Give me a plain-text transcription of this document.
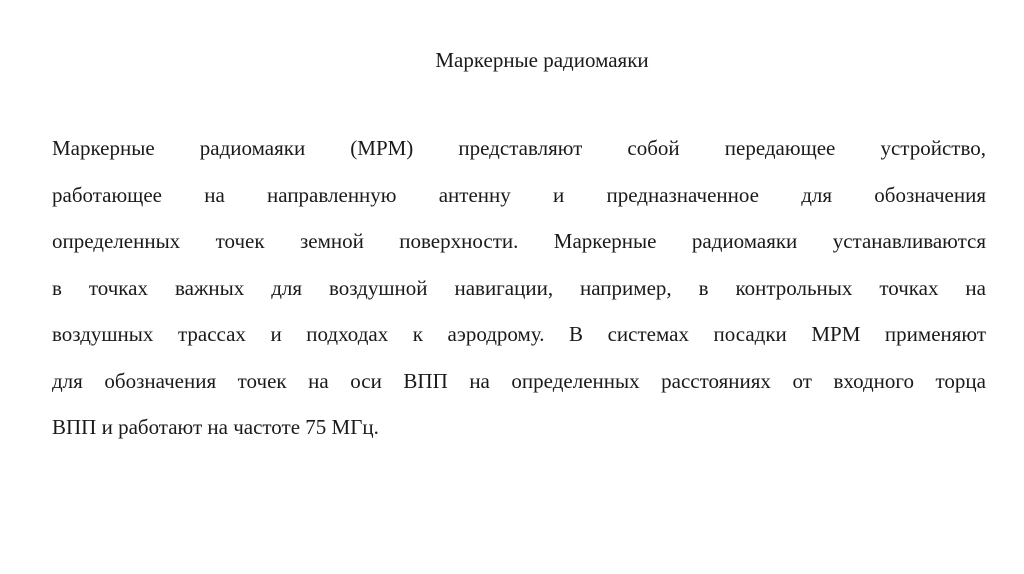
Маркерные радиомаяки
Маркерные радиомаяки (МРМ) представляют собой передающее устройство,
работающее на направленную антенну и предназначенное для обозначения
определенных точек земной поверхности. Маркерные радиомаяки устанавливаются
в точках важных для воздушной навигации, например, в контрольных точках на
воздушных трассах и подходах к аэродрому. В системах посадки МРМ применяют
для обозначения точек на оси ВПП на определенных расстояниях от входного торца
ВПП и работают на частоте 75 МГц.
